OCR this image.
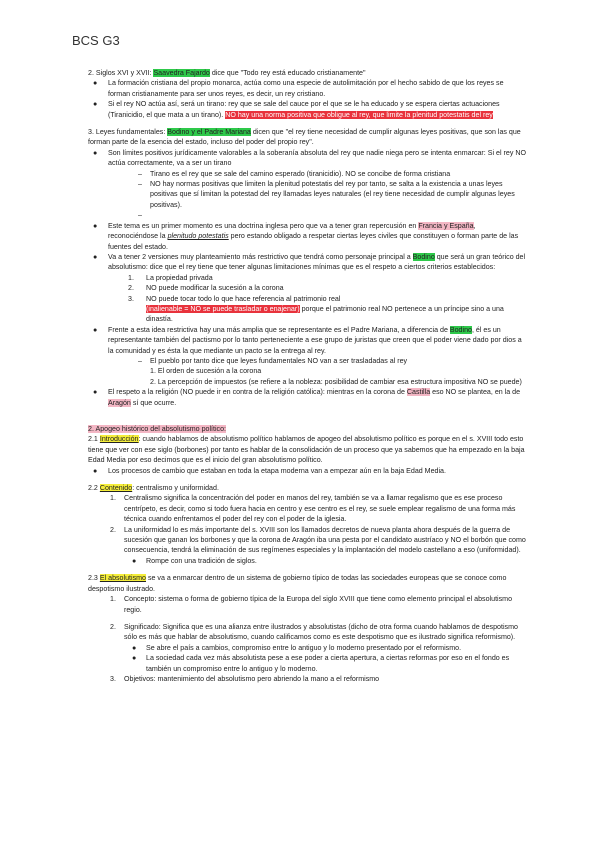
BCS G3

2. Siglos XVI y XVII: Saavedra Fajardo dice que "Todo rey está educado cristianamente"

● La formación cristiana del propio monarca, actúa como una especie de autolimitación por el hecho sabido de que los reyes se forman cristianamente para ser unos reyes, es decir, un rey cristiano.
● Si el rey NO actúa así, será un tirano: rey que se sale del cauce por el que se le ha educado y se espera ciertas actuaciones (Tiranicidio, el que mata a un tirano). NO hay una norma positiva que obligue al rey, que limite la plenitud potestatis del rey

3. Leyes fundamentales: Bodino y el Padre Mariana dicen que "el rey tiene necesidad de cumplir algunas leyes positivas, que son las que forman parte de la esencia del estado, incluso del poder del propio rey".

● Son límites positivos jurídicamente valorables a la soberanía absoluta del rey que nadie niega pero se intenta enmarcar: Si el rey NO actúa correctamente, va a ser un tirano
– Tirano es el rey que se sale del camino esperado (tiranicidio). NO se concibe de forma cristiana
– NO hay normas positivas que limiten la plenitud potestatis del rey por tanto, se salta a la existencia a unas leyes positivas que sí limitan la potestad del rey llamadas leyes naturales (el rey tiene necesidad de cumplir algunas leyes positivas).
–

● Este tema es un primer momento es una doctrina inglesa pero que va a tener gran repercusión en Francia y España, reconociéndose la plenitudo potestatis pero estando obligado a respetar ciertas leyes civiles que constituyen o forman parte de las fuentes del estado.
● Va a tener 2 versiones muy planteamiento más restrictivo que tendrá como personaje principal a Bodino que será un gran teórico del absolutismo: dice que el rey tiene que tener algunas limitaciones mínimas que es el respeto a ciertos criterios establecidos:
1. La propiedad privada
2. NO puede modificar la sucesión a la corona
3. NO puede tocar todo lo que hace referencia al patrimonio real
(inalienable = NO se puede trasladar o enajenar) porque el patrimonio real NO pertenece a un príncipe sino a una dinastía.
● Frente a esta idea restrictiva hay una más amplia que se representante es el Padre Mariana, a diferencia de Bodino, él es un representante también del pactismo por lo tanto perteneciente a ese grupo de juristas que creen que el poder viene dado por dios a la comunidad y es ésta la que mediante un pacto se la entrega al rey.
– El pueblo por tanto dice que leyes fundamentales NO van a ser trasladadas al rey
1. El orden de sucesión a la corona
2. La percepción de impuestos (se refiere a la nobleza: posibilidad de cambiar esa estructura impositiva NO se puede)
● El respeto a la religión (NO puede ir en contra de la religión católica): mientras en la corona de Castilla eso NO se plantea, en la de Aragón sí que ocurre.

2. Apogeo histórico del absolutismo político:

2.1 Introducción: cuando hablamos de absolutismo político hablamos de apogeo del absolutismo político es porque en el s. XVIII todo esto tiene que ver con ese siglo (borbones) por tanto es hablar de la consolidación de un proceso que ya sabemos que ha empezado en la baja Edad Media por eso decimos que es el inicio del gran absolutismo político.

● Los procesos de cambio que estaban en toda la etapa moderna van a empezar aún en la baja Edad Media.

2.2 Contenido: centralismo y uniformidad.

1. Centralismo significa la concentración del poder en manos del rey, también se va a llamar regalismo que es ese proceso centrípeto, es decir, como si todo fuera hacia en centro y ese centro es el rey, se suele emplear regalismo de una forma más técnica cuando enfrentamos el poder del rey con el poder de la iglesia.
2. La uniformidad lo es más importante del s. XVIII son los llamados decretos de nueva planta ahora después de la guerra de sucesión que ganan los borbones y que la corona de Aragón iba una pesta por el candidato austríaco y NO el borbón que como consecuencia, tendrá la eliminación de sus regímenes especiales y la implantación del modelo castellano a eso (uniformidad).
● Rompe con una tradición de siglos.

2.3 El absolutismo se va a enmarcar dentro de un sistema de gobierno típico de todas las sociedades europeas que se conoce como despotismo ilustrado.

1. Concepto: sistema o forma de gobierno típica de la Europa del siglo XVIII que tiene como elemento principal el absolutismo regio.
2. Significado: Significa que es una alianza entre ilustrados y absolutistas (dicho de otra forma cuando hablamos de despotismo sólo es más que hablar de absolutismo, cuando calificamos como es este despotismo que es ilustrado significa reformismo).
● Se abre el país a cambios, compromiso entre lo antiguo y lo moderno presentado por el reformismo.
● La sociedad cada vez más absolutista pese a ese poder a cierta apertura, a ciertas reformas por eso en el fondo es también un compromiso entre lo antiguo y lo moderno.
3. Objetivos: mantenimiento del absolutismo pero abriendo la mano a el reformismo
